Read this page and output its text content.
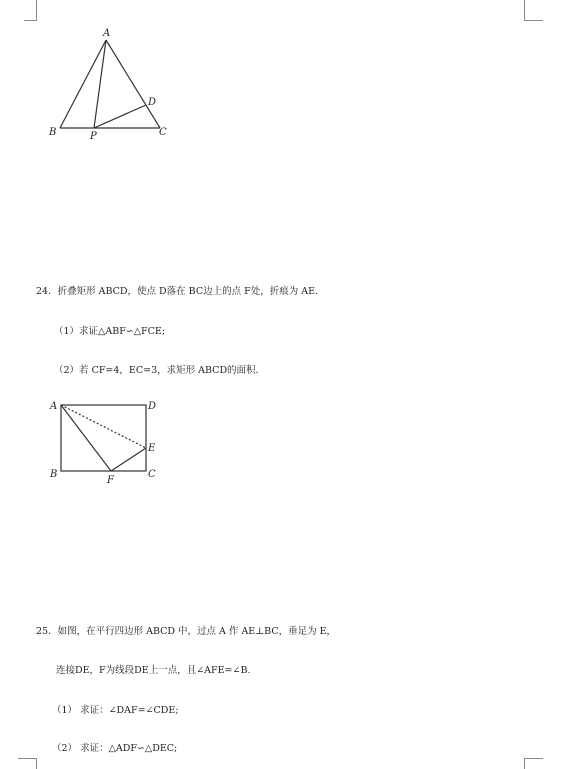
A
B	P	C
D
24．折叠矩形 ABCD，使点 D落在 BC边上的点 F处，折痕为 AE.
（1）求证△ABF∽△FCE;
（2）若 CF=4，EC=3，求矩形 ABCD的面积．
A	D
E
B
F
C
25．如图，在平行四边形 ABCD 中，过点 A 作 AE⊥BC，垂足为 E，
连接DE，F为线段DE上一点，且∠AFE=∠B.
（1） 求证：∠DAF=∠CDE;
（2） 求证：△ADF∽△DEC;
